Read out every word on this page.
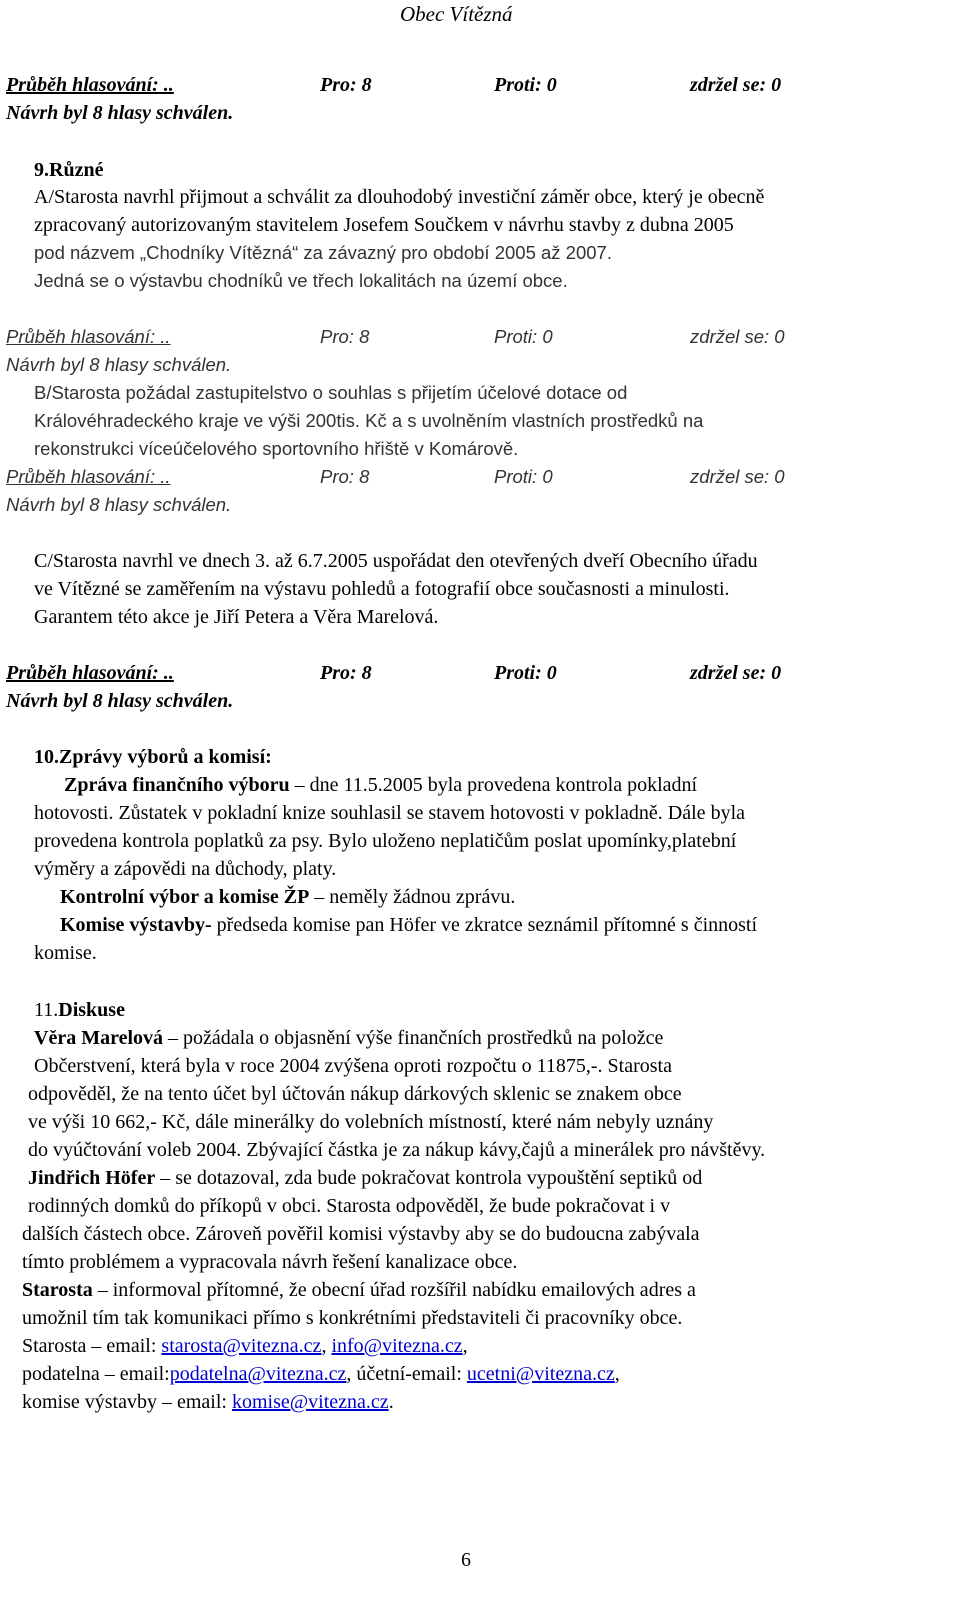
Obec Vítězná
Průběh hlasování: ..	Pro: 8	Proti: 0	zdržel se: 0
Návrh byl 8 hlasy schválen.
9.Různé
A/Starosta navrhl přijmout a schválit za dlouhodobý investiční záměr obce, který je obecně
zpracovaný autorizovaným stavitelem Josefem Součkem v návrhu stavby z dubna 2005
pod názvem „Chodníky Vítězná“ za závazný pro období 2005 až 2007.
Jedná se o výstavbu chodníků ve třech lokalitách na území obce.
Průběh hlasování: ..	Pro: 8	Proti: 0	zdržel se: 0
Návrh byl 8 hlasy schválen.
B/Starosta požádal zastupitelstvo o souhlas s přijetím účelové dotace od
Královéhradeckého kraje ve výši 200tis. Kč a s uvolněním vlastních prostředků na
rekonstrukci víceúčelového sportovního hřiště v Komárově.
Průběh hlasování: ..	Pro: 8	Proti: 0	zdržel se: 0
Návrh byl 8 hlasy schválen.
C/Starosta navrhl ve dnech 3. až 6.7.2005 uspořádat den otevřených dveří Obecního úřadu
ve Vítězné se zaměřením na výstavu pohledů a fotografií obce současnosti a minulosti.
Garantem této akce je Jiří Petera a Věra Marelová.
Průběh hlasování: ..	Pro: 8	Proti: 0	zdržel se: 0
Návrh byl 8 hlasy schválen.
10.Zprávy výborů a komisí:
Zpráva finančního výboru – dne 11.5.2005 byla provedena kontrola pokladní
hotovosti. Zůstatek v pokladní knize souhlasil se stavem hotovosti v pokladně. Dále byla
provedena kontrola poplatků za psy. Bylo uloženo neplatičům poslat upomínky,platební
výměry a zápovědi na důchody, platy.
Kontrolní výbor a komise ŽP – neměly žádnou zprávu.
Komise výstavby- předseda komise pan Höfer ve zkratce seznámil přítomné s činností
komise.
11.Diskuse
Věra Marelová – požádala o objasnění výše finančních prostředků na položce
Občerstvení, která byla v roce 2004 zvýšena oproti rozpočtu o 11875,-. Starosta
odpověděl, že na tento účet byl účtován nákup dárkových sklenic se znakem obce
ve výši 10 662,- Kč, dále minerálky do volebních místností, které nám nebyly uznány
do vyúčtování voleb 2004. Zbývající částka je za nákup kávy,čajů a minerálek pro návštěvy.
Jindřich Höfer – se dotazoval, zda bude pokračovat kontrola vypouštění septiků od
rodinných domků do příkopů v obci. Starosta odpověděl, že bude pokračovat i v
dalších částech obce. Zároveň pověřil komisi výstavby aby se do budoucna zabývala
tímto problémem a vypracovala návrh řešení kanalizace obce.
Starosta – informoval přítomné, že obecní úřad rozšířil nabídku emailových adres a
umožnil tím tak komunikaci přímo s konkrétními představiteli či pracovníky obce.
Starosta – email: starosta@vitezna.cz, info@vitezna.cz,
podatelna – email:podatelna@vitezna.cz, účetní-email: ucetni@vitezna.cz,
komise výstavby – email: komise@vitezna.cz.
6
